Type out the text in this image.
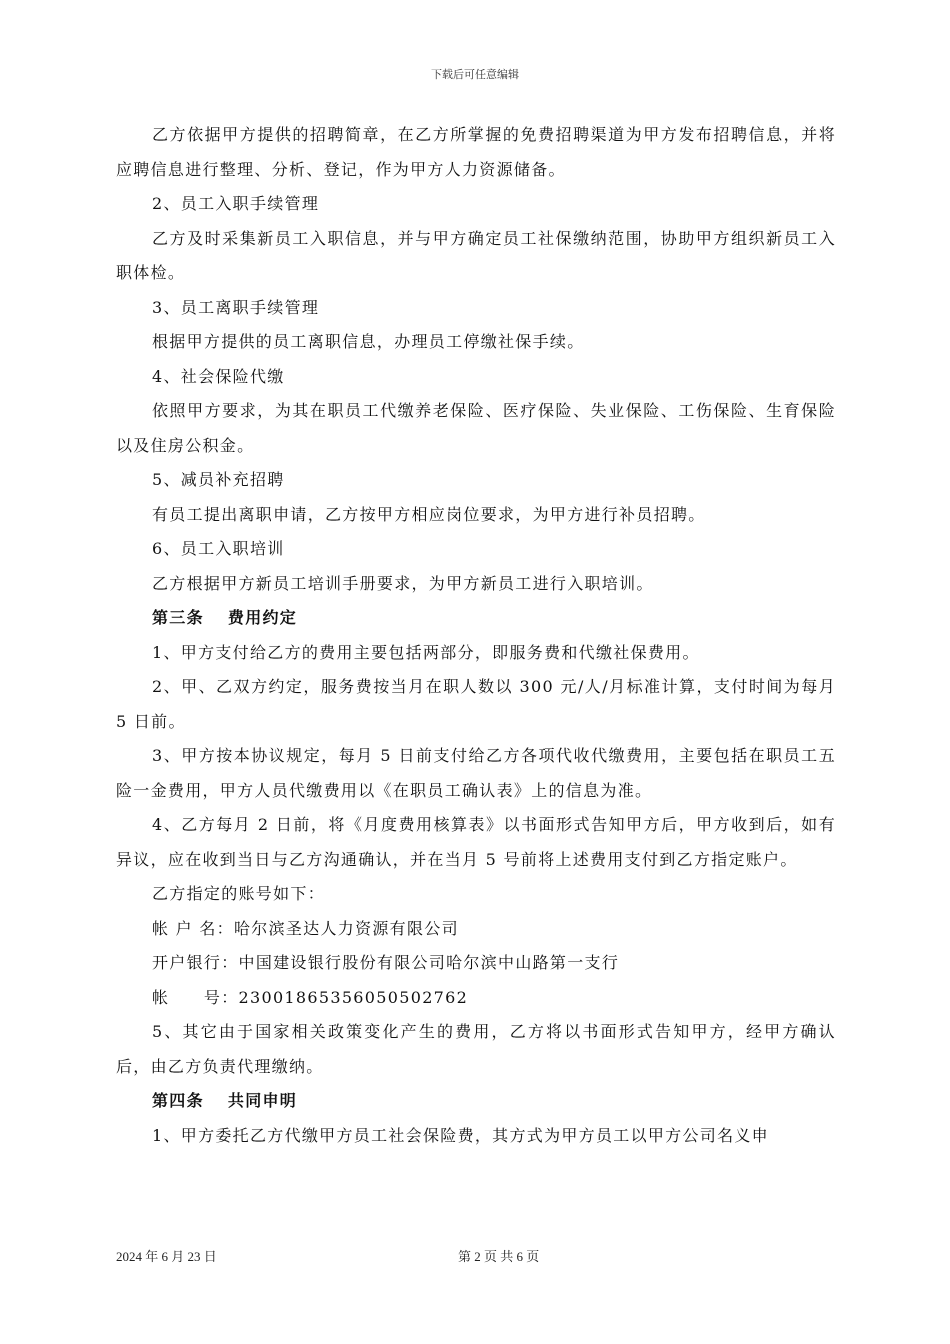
下载后可任意编辑

乙方依据甲方提供的招聘简章，在乙方所掌握的免费招聘渠道为甲方发布招聘信息，并将应聘信息进行整理、分析、登记，作为甲方人力资源储备。

2、员工入职手续管理

乙方及时采集新员工入职信息，并与甲方确定员工社保缴纳范围，协助甲方组织新员工入职体检。

3、员工离职手续管理

根据甲方提供的员工离职信息，办理员工停缴社保手续。

4、社会保险代缴

依照甲方要求，为其在职员工代缴养老保险、医疗保险、失业保险、工伤保险、生育保险以及住房公积金。

5、减员补充招聘

有员工提出离职申请，乙方按甲方相应岗位要求，为甲方进行补员招聘。

6、员工入职培训

乙方根据甲方新员工培训手册要求，为甲方新员工进行入职培训。

第三条 费用约定

1、甲方支付给乙方的费用主要包括两部分，即服务费和代缴社保费用。

2、甲、乙双方约定，服务费按当月在职人数以 300 元/人/月标准计算，支付时间为每月 5 日前。

3、甲方按本协议规定，每月 5 日前支付给乙方各项代收代缴费用，主要包括在职员工五险一金费用，甲方人员代缴费用以《在职员工确认表》上的信息为准。

4、乙方每月 2 日前，将《月度费用核算表》以书面形式告知甲方后，甲方收到后，如有异议，应在收到当日与乙方沟通确认，并在当月 5 号前将上述费用支付到乙方指定账户。

乙方指定的账号如下：

帐 户 名：哈尔滨圣达人力资源有限公司

开户银行：中国建设银行股份有限公司哈尔滨中山路第一支行

帐　　号：23001865356050502762

5、其它由于国家相关政策变化产生的费用，乙方将以书面形式告知甲方，经甲方确认后，由乙方负责代理缴纳。

第四条 共同申明

1、甲方委托乙方代缴甲方员工社会保险费，其方式为甲方员工以甲方公司名义申

2024 年 6 月 23 日	第 2 页 共 6 页
